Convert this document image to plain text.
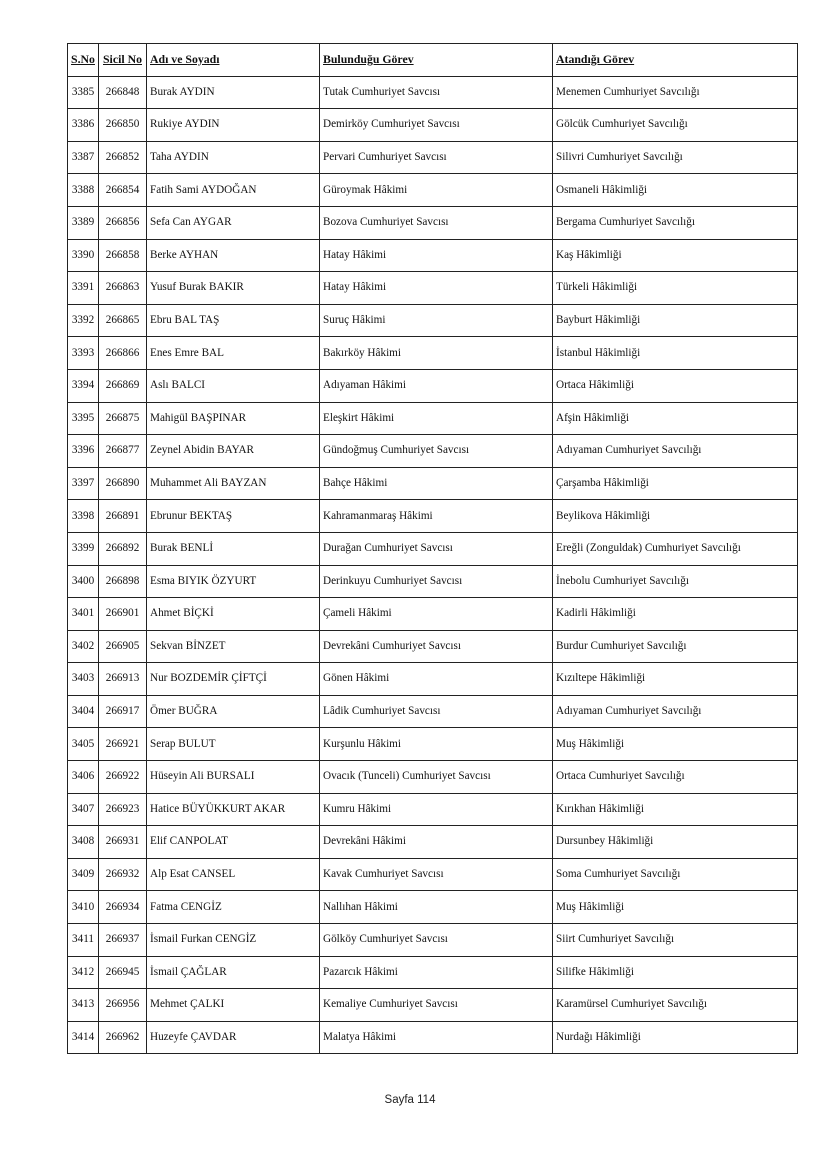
S.No	Sicil No	Adı ve Soyadı	Bulunduğu Görev	Atandığı Görev
3385	266848	Burak AYDIN	Tutak Cumhuriyet Savcısı	Menemen Cumhuriyet Savcılığı
3386	266850	Rukiye AYDIN	Demirköy Cumhuriyet Savcısı	Gölcük Cumhuriyet Savcılığı
3387	266852	Taha AYDIN	Pervari Cumhuriyet Savcısı	Silivri Cumhuriyet Savcılığı
3388	266854	Fatih Sami AYDOĞAN	Güroymak Hâkimi	Osmaneli Hâkimliği
3389	266856	Sefa Can AYGAR	Bozova Cumhuriyet Savcısı	Bergama Cumhuriyet Savcılığı
3390	266858	Berke AYHAN	Hatay Hâkimi	Kaş Hâkimliği
3391	266863	Yusuf Burak BAKIR	Hatay Hâkimi	Türkeli Hâkimliği
3392	266865	Ebru BAL TAŞ	Suruç Hâkimi	Bayburt Hâkimliği
3393	266866	Enes Emre BAL	Bakırköy Hâkimi	İstanbul Hâkimliği
3394	266869	Aslı BALCI	Adıyaman Hâkimi	Ortaca Hâkimliği
3395	266875	Mahigül BAŞPINAR	Eleşkirt Hâkimi	Afşin Hâkimliği
3396	266877	Zeynel Abidin BAYAR	Gündoğmuş Cumhuriyet Savcısı	Adıyaman Cumhuriyet Savcılığı
3397	266890	Muhammet Ali BAYZAN	Bahçe Hâkimi	Çarşamba Hâkimliği
3398	266891	Ebrunur BEKTAŞ	Kahramanmaraş Hâkimi	Beylikova Hâkimliği
3399	266892	Burak BENLİ	Durağan Cumhuriyet Savcısı	Ereğli (Zonguldak) Cumhuriyet Savcılığı
3400	266898	Esma BIYIK ÖZYURT	Derinkuyu Cumhuriyet Savcısı	İnebolu Cumhuriyet Savcılığı
3401	266901	Ahmet BİÇKİ	Çameli Hâkimi	Kadirli Hâkimliği
3402	266905	Sekvan BİNZET	Devrekâni Cumhuriyet Savcısı	Burdur Cumhuriyet Savcılığı
3403	266913	Nur BOZDEMİR ÇİFTÇİ	Gönen Hâkimi	Kızıltepe Hâkimliği
3404	266917	Ömer BUĞRA	Lâdik Cumhuriyet Savcısı	Adıyaman Cumhuriyet Savcılığı
3405	266921	Serap BULUT	Kurşunlu Hâkimi	Muş Hâkimliği
3406	266922	Hüseyin Ali BURSALI	Ovacık (Tunceli) Cumhuriyet Savcısı	Ortaca Cumhuriyet Savcılığı
3407	266923	Hatice BÜYÜKKURT AKAR	Kumru Hâkimi	Kırıkhan Hâkimliği
3408	266931	Elif CANPOLAT	Devrekâni Hâkimi	Dursunbey Hâkimliği
3409	266932	Alp Esat CANSEL	Kavak Cumhuriyet Savcısı	Soma Cumhuriyet Savcılığı
3410	266934	Fatma CENGİZ	Nallıhan Hâkimi	Muş Hâkimliği
3411	266937	İsmail Furkan CENGİZ	Gölköy Cumhuriyet Savcısı	Siirt Cumhuriyet Savcılığı
3412	266945	İsmail ÇAĞLAR	Pazarcık Hâkimi	Silifke Hâkimliği
3413	266956	Mehmet ÇALKI	Kemaliye Cumhuriyet Savcısı	Karamürsel Cumhuriyet Savcılığı
3414	266962	Huzeyfe ÇAVDAR	Malatya Hâkimi	Nurdağı Hâkimliği
Sayfa 114
